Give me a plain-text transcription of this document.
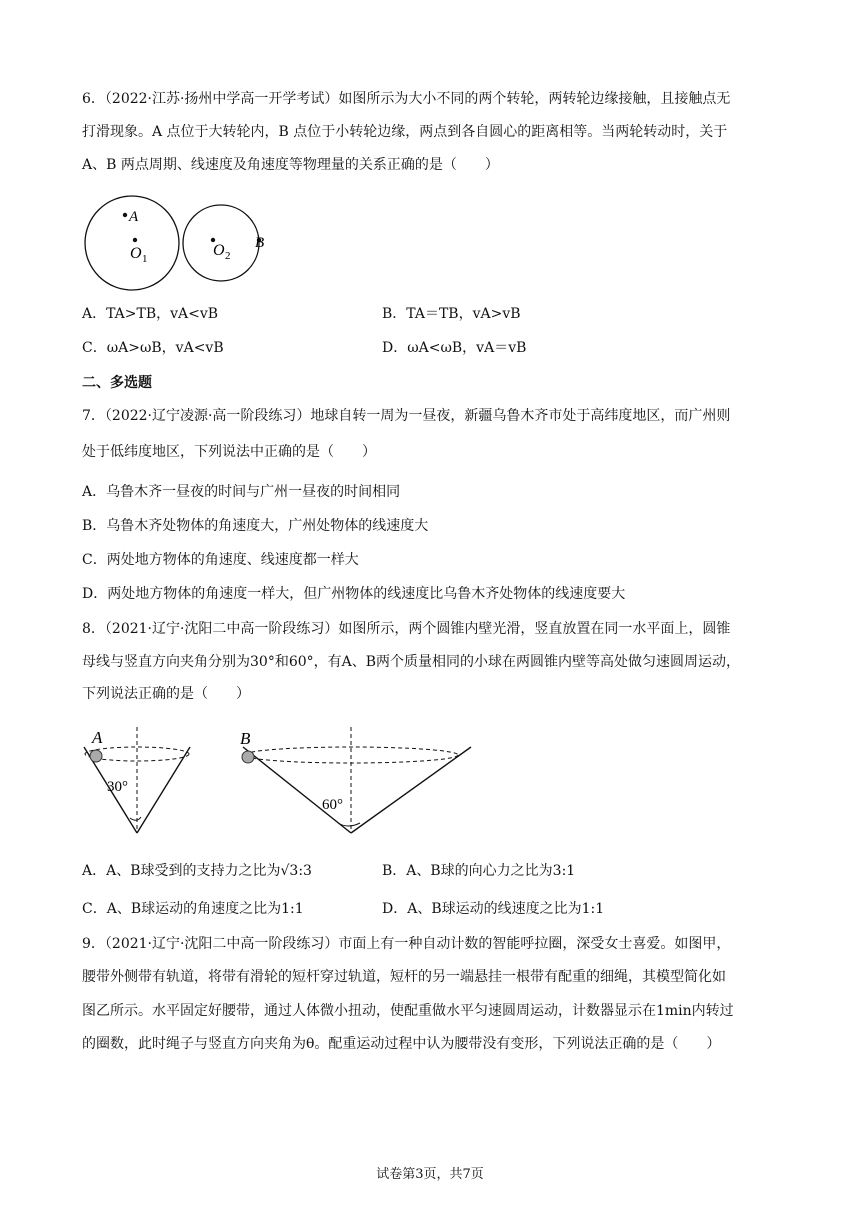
6．（2022·江苏·扬州中学高一开学考试）如图所示为大小不同的两个转轮，两转轮边缘接触，且接触点无
打滑现象。A 点位于大转轮内，B 点位于小转轮边缘，两点到各自圆心的距离相等。当两轮转动时，关于
A、B 两点周期、线速度及角速度等物理量的关系正确的是（　　）
A
O 1	O 2
B
A．TA>TB，vA<vB	B．TA＝TB，vA>vB
C．ωA>ωB，vA<vB	D．ωA<ωB，vA＝vB
二、多选题
7．（2022·辽宁凌源·高一阶段练习）地球自转一周为一昼夜，新疆乌鲁木齐市处于高纬度地区，而广州则
处于低纬度地区，下列说法中正确的是（　　）
A．乌鲁木齐一昼夜的时间与广州一昼夜的时间相同
B．乌鲁木齐处物体的角速度大，广州处物体的线速度大
C．两处地方物体的角速度、线速度都一样大
D．两处地方物体的角速度一样大，但广州物体的线速度比乌鲁木齐处物体的线速度要大
8．（2021·辽宁·沈阳二中高一阶段练习）如图所示，两个圆锥内壁光滑，竖直放置在同一水平面上，圆锥
母线与竖直方向夹角分别为30°和60°，有A、B两个质量相同的小球在两圆锥内壁等高处做匀速圆周运动，
下列说法正确的是（　　）
A
30°
B
60°
A．A、B球受到的支持力之比为√3:3	B．A、B球的向心力之比为3:1
C．A、B球运动的角速度之比为1:1	D．A、B球运动的线速度之比为1:1
9．（2021·辽宁·沈阳二中高一阶段练习）市面上有一种自动计数的智能呼拉圈，深受女士喜爱。如图甲，
腰带外侧带有轨道，将带有滑轮的短杆穿过轨道，短杆的另一端悬挂一根带有配重的细绳，其模型简化如
图乙所示。水平固定好腰带，通过人体微小扭动，使配重做水平匀速圆周运动，计数器显示在1min内转过
的圈数，此时绳子与竖直方向夹角为θ。配重运动过程中认为腰带没有变形，下列说法正确的是（　　）
试卷第3页，共7页
